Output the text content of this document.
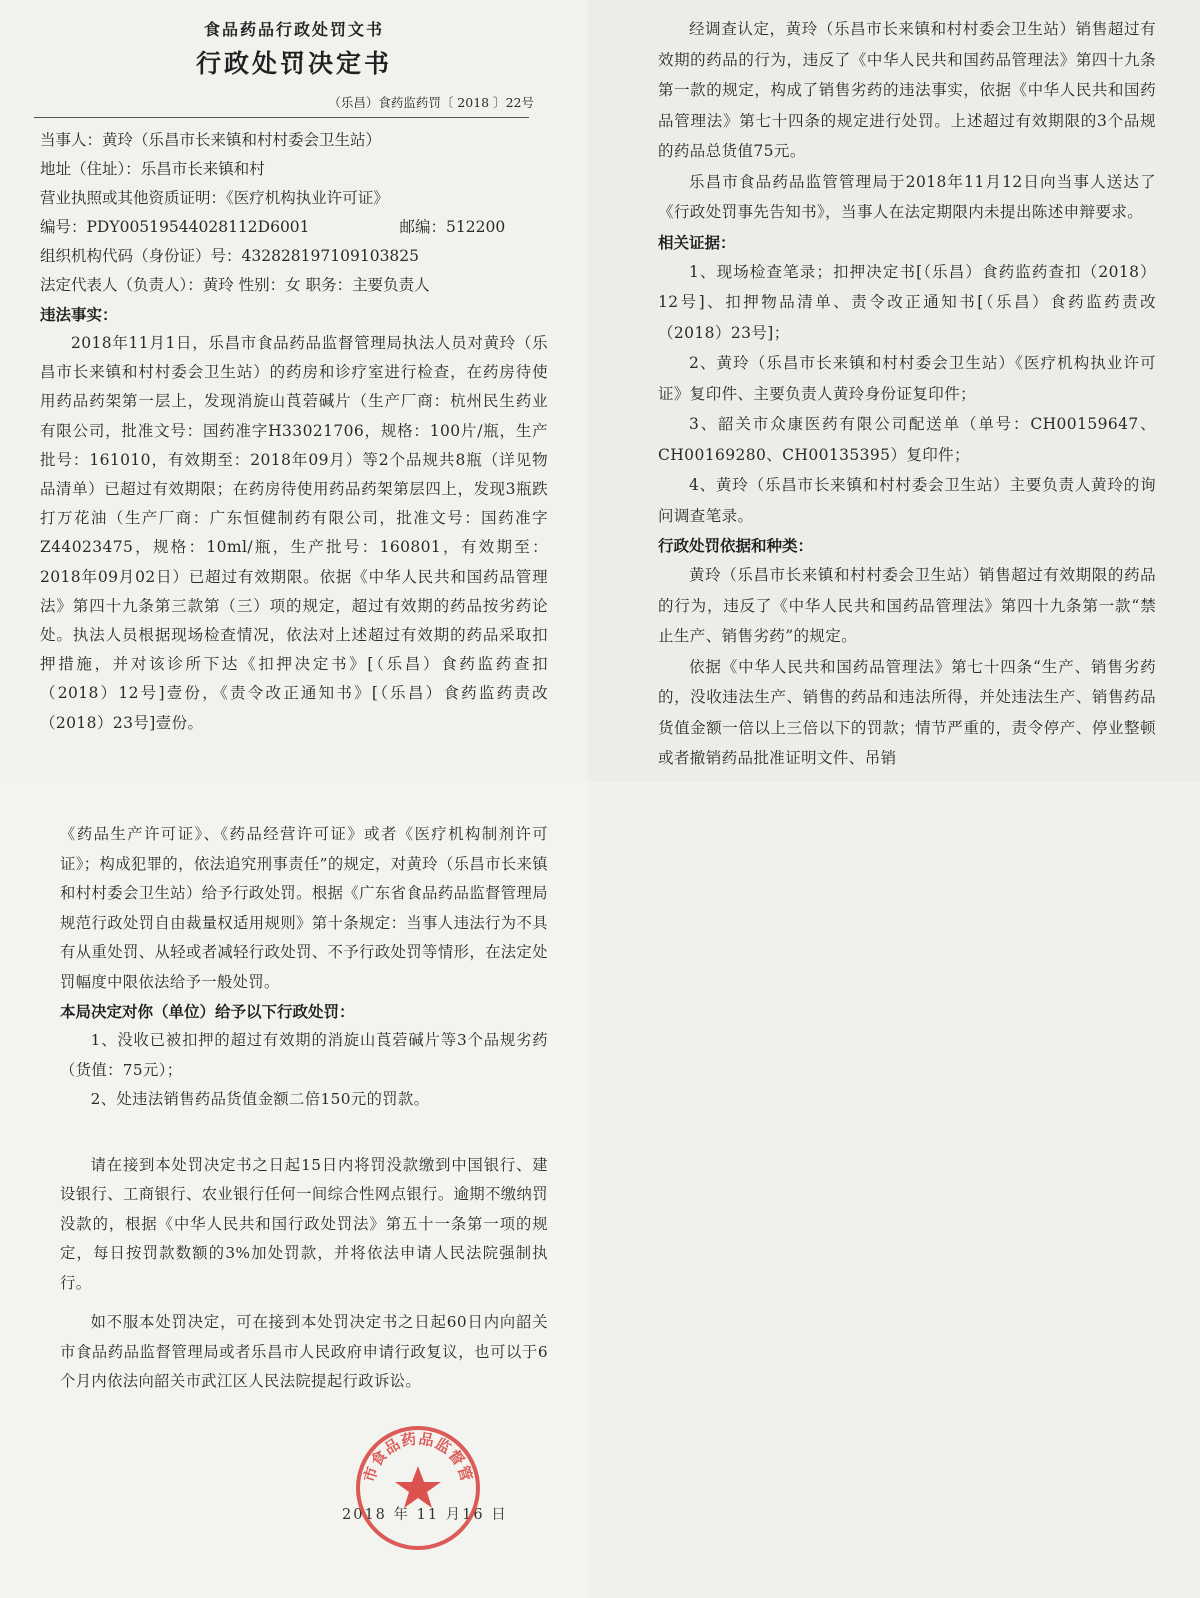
食品药品行政处罚文书
行政处罚决定书
（乐昌）食药监药罚〔 2018 〕22号

当事人：黄玲（乐昌市长来镇和村村委会卫生站）

地址（住址）：乐昌市长来镇和村

营业执照或其他资质证明：《医疗机构执业许可证》

编号：PDY00519544028112D6001	邮编：512200

组织机构代码（身份证）号：432828197109103825

法定代表人（负责人）：黄玲 性别：女 职务：主要负责人

违法事实：

2018年11月1日，乐昌市食品药品监督管理局执法人员对黄玲（乐昌市长来镇和村村委会卫生站）的药房和诊疗室进行检查，在药房待使用药品药架第一层上，发现消旋山莨菪碱片（生产厂商：杭州民生药业有限公司，批准文号：国药准字H33021706，规格：100片/瓶，生产批号：161010，有效期至：2018年09月）等2个品规共8瓶（详见物品清单）已超过有效期限；在药房待使用药品药架第层四上，发现3瓶跌打万花油（生产厂商：广东恒健制药有限公司，批准文号：国药准字Z44023475，规格：10ml/瓶，生产批号：160801，有效期至：2018年09月02日）已超过有效期限。依据《中华人民共和国药品管理法》第四十九条第三款第（三）项的规定，超过有效期的药品按劣药论处。执法人员根据现场检查情况，依法对上述超过有效期的药品采取扣押措施，并对该诊所下达《扣押决定书》[（乐昌）食药监药查扣（2018）12号]壹份，《责令改正通知书》[（乐昌）食药监药责改（2018）23号]壹份。

经调查认定，黄玲（乐昌市长来镇和村村委会卫生站）销售超过有效期的药品的行为，违反了《中华人民共和国药品管理法》第四十九条第一款的规定，构成了销售劣药的违法事实，依据《中华人民共和国药品管理法》第七十四条的规定进行处罚。上述超过有效期限的3个品规的药品总货值75元。

乐昌市食品药品监管管理局于2018年11月12日向当事人送达了《行政处罚事先告知书》，当事人在法定期限内未提出陈述申辩要求。

相关证据：

1、现场检查笔录；扣押决定书[（乐昌）食药监药查扣（2018）12号]、扣押物品清单、责令改正通知书[（乐昌）食药监药责改（2018）23号]；

2、黄玲（乐昌市长来镇和村村委会卫生站）《医疗机构执业许可证》复印件、主要负责人黄玲身份证复印件；

3、韶关市众康医药有限公司配送单（单号：CH00159647、CH00169280、CH00135395）复印件；

4、黄玲（乐昌市长来镇和村村委会卫生站）主要负责人黄玲的询问调查笔录。

行政处罚依据和种类：

黄玲（乐昌市长来镇和村村委会卫生站）销售超过有效期限的药品的行为，违反了《中华人民共和国药品管理法》第四十九条第一款“禁止生产、销售劣药”的规定。

依据《中华人民共和国药品管理法》第七十四条“生产、销售劣药的，没收违法生产、销售的药品和违法所得，并处违法生产、销售药品货值金额一倍以上三倍以下的罚款；情节严重的，责令停产、停业整顿或者撤销药品批准证明文件、吊销

《药品生产许可证》、《药品经营许可证》或者《医疗机构制剂许可证》；构成犯罪的，依法追究刑事责任”的规定，对黄玲（乐昌市长来镇和村村委会卫生站）给予行政处罚。根据《广东省食品药品监督管理局规范行政处罚自由裁量权适用规则》第十条规定：当事人违法行为不具有从重处罚、从轻或者减轻行政处罚、不予行政处罚等情形，在法定处罚幅度中限依法给予一般处罚。

本局决定对你（单位）给予以下行政处罚：

1、没收已被扣押的超过有效期的消旋山莨菪碱片等3个品规劣药（货值：75元）；

2、处违法销售药品货值金额二倍150元的罚款。

请在接到本处罚决定书之日起15日内将罚没款缴到中国银行、建设银行、工商银行、农业银行任何一间综合性网点银行。逾期不缴纳罚没款的，根据《中华人民共和国行政处罚法》第五十一条第一项的规定，每日按罚款数额的3%加处罚款，并将依法申请人民法院强制执行。

如不服本处罚决定，可在接到本处罚决定书之日起60日内向韶关市食品药品监督管理局或者乐昌市人民政府申请行政复议，也可以于6个月内依法向韶关市武江区人民法院提起行政诉讼。

2018 年 11 月16 日
市食品药品监督管
